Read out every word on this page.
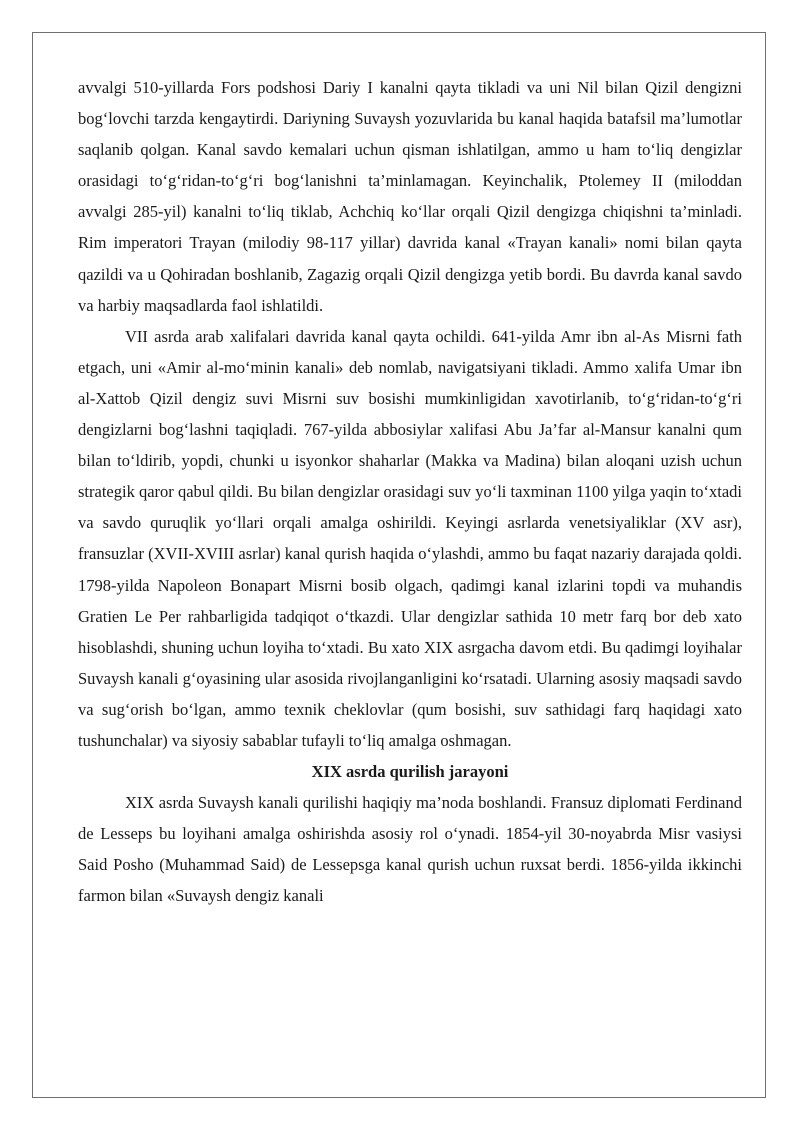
avvalgi 510-yillarda Fors podshosi Dariy I kanalni qayta tikladi va uni Nil bilan Qizil dengizni bog‘lovchi tarzda kengaytirdi. Dariyning Suvaysh yozuvlarida bu kanal haqida batafsil ma’lumotlar saqlanib qolgan. Kanal savdo kemalari uchun qisman ishlatilgan, ammo u ham to‘liq dengizlar orasidagi to‘g‘ridan-to‘g‘ri bog‘lanishni ta’minlamagan. Keyinchalik, Ptolemey II (miloddan avvalgi 285-yil) kanalni to‘liq tiklab, Achchiq ko‘llar orqali Qizil dengizga chiqishni ta’minladi. Rim imperatori Trayan (milodiy 98-117 yillar) davrida kanal «Trayan kanali» nomi bilan qayta qazildi va u Qohiradan boshlanib, Zagazig orqali Qizil dengizga yetib bordi. Bu davrda kanal savdo va harbiy maqsadlarda faol ishlatildi.

VII asrda arab xalifalari davrida kanal qayta ochildi. 641-yilda Amr ibn al-As Misrni fath etgach, uni «Amir al-mo‘minin kanali» deb nomlab, navigatsiyani tikladi. Ammo xalifa Umar ibn al-Xattob Qizil dengiz suvi Misrni suv bosishi mumkinligidan xavotirlanib, to‘g‘ridan-to‘g‘ri dengizlarni bog‘lashni taqiqladi. 767-yilda abbosiylar xalifasi Abu Ja’far al-Mansur kanalni qum bilan to‘ldirib, yopdi, chunki u isyonkor shaharlar (Makka va Madina) bilan aloqani uzish uchun strategik qaror qabul qildi. Bu bilan dengizlar orasidagi suv yo‘li taxminan 1100 yilga yaqin to‘xtadi va savdo quruqlik yo‘llari orqali amalga oshirildi. Keyingi asrlarda venetsiyaliklar (XV asr), fransuzlar (XVII-XVIII asrlar) kanal qurish haqida o‘ylashdi, ammo bu faqat nazariy darajada qoldi. 1798-yilda Napoleon Bonapart Misrni bosib olgach, qadimgi kanal izlarini topdi va muhandis Gratien Le Per rahbarligida tadqiqot o‘tkazdi. Ular dengizlar sathida 10 metr farq bor deb xato hisoblashdi, shuning uchun loyiha to‘xtadi. Bu xato XIX asrgacha davom etdi. Bu qadimgi loyihalar Suvaysh kanali g‘oyasining ular asosida rivojlanganligini ko‘rsatadi. Ularning asosiy maqsadi savdo va sug‘orish bo‘lgan, ammo texnik cheklovlar (qum bosishi, suv sathidagi farq haqidagi xato tushunchalar) va siyosiy sabablar tufayli to‘liq amalga oshmagan.

XIX asrda qurilish jarayoni

XIX asrda Suvaysh kanali qurilishi haqiqiy ma’noda boshlandi. Fransuz diplomati Ferdinand de Lesseps bu loyihani amalga oshirishda asosiy rol o‘ynadi. 1854-yil 30-noyabrda Misr vasiysi Said Posho (Muhammad Said) de Lessepsga kanal qurish uchun ruxsat berdi. 1856-yilda ikkinchi farmon bilan «Suvaysh dengiz kanali
